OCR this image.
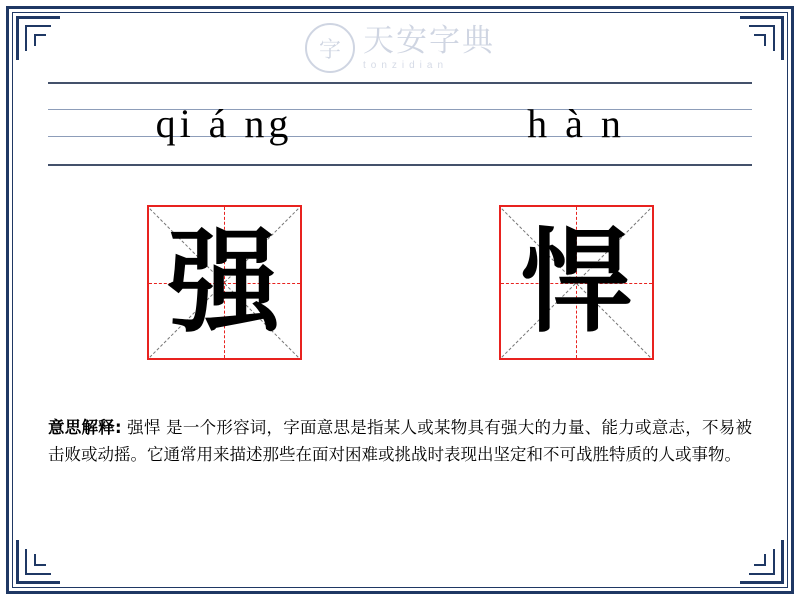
字 天安字典
tonzidian
qi á ng	h à n
强 悍
意思解释: 强悍 是一个形容词，字面意思是指某人或某物具有强大的力量、能力或意志，不易被击败或动摇。它通常用来描述那些在面对困难或挑战时表现出坚定和不可战胜特质的人或事物。
